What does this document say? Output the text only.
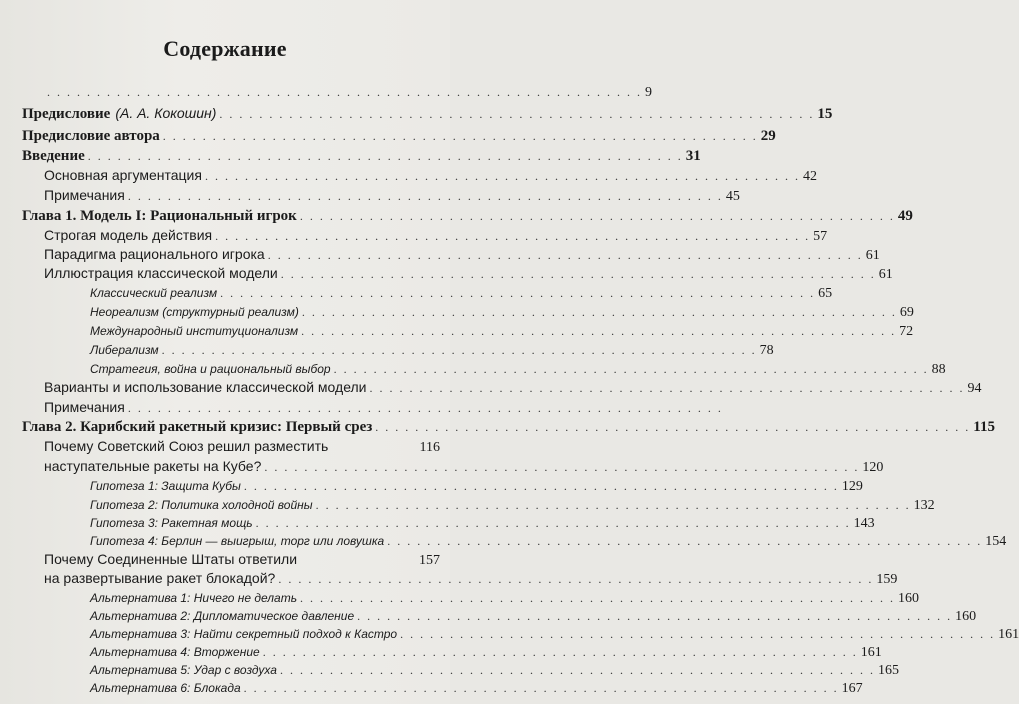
Содержание
. . . . . . . . . . . . . . . . . . . . . . . . . . . . . . . . . . . . . . . . . . . . . . . . . . . . . . . . . . . . 9
Предисловие (А. А. Кокошин) . . . . . . . . . . . . . . . . . . . . . . . . . . . . . . . . . . . . . . . . . . . . . . . . . . . . . . . . . . . . 15
Предисловие автора . . . . . . . . . . . . . . . . . . . . . . . . . . . . . . . . . . . . . . . . . . . . . . . . . . . . . . . . . . . . 29
Введение . . . . . . . . . . . . . . . . . . . . . . . . . . . . . . . . . . . . . . . . . . . . . . . . . . . . . . . . . . . . 31
Основная аргументация . . . . . . . . . . . . . . . . . . . . . . . . . . . . . . . . . . . . . . . . . . . . . . . . . . . . . . . . . . . . 42
Примечания . . . . . . . . . . . . . . . . . . . . . . . . . . . . . . . . . . . . . . . . . . . . . . . . . . . . . . . . . . . . 45
Глава 1. Модель I: Рациональный игрок . . . . . . . . . . . . . . . . . . . . . . . . . . . . . . . . . . . . . . . . . . . . . . . . . . . . . . . . . . . . 49
Строгая модель действия . . . . . . . . . . . . . . . . . . . . . . . . . . . . . . . . . . . . . . . . . . . . . . . . . . . . . . . . . . . . 57
Парадигма рационального игрока . . . . . . . . . . . . . . . . . . . . . . . . . . . . . . . . . . . . . . . . . . . . . . . . . . . . . . . . . . . . 61
Иллюстрация классической модели . . . . . . . . . . . . . . . . . . . . . . . . . . . . . . . . . . . . . . . . . . . . . . . . . . . . . . . . . . . . 61
Классический реализм . . . . . . . . . . . . . . . . . . . . . . . . . . . . . . . . . . . . . . . . . . . . . . . . . . . . . . . . . . . . 65
Неореализм (структурный реализм) . . . . . . . . . . . . . . . . . . . . . . . . . . . . . . . . . . . . . . . . . . . . . . . . . . . . . . . . . . . . 69
Международный институционализм . . . . . . . . . . . . . . . . . . . . . . . . . . . . . . . . . . . . . . . . . . . . . . . . . . . . . . . . . . . . 72
Либерализм . . . . . . . . . . . . . . . . . . . . . . . . . . . . . . . . . . . . . . . . . . . . . . . . . . . . . . . . . . . . 78
Стратегия, война и рациональный выбор . . . . . . . . . . . . . . . . . . . . . . . . . . . . . . . . . . . . . . . . . . . . . . . . . . . . . . . . . . . . 88
Варианты и использование классической модели . . . . . . . . . . . . . . . . . . . . . . . . . . . . . . . . . . . . . . . . . . . . . . . . . . . . . . . . . . . . 94
Примечания . . . . . . . . . . . . . . . . . . . . . . . . . . . . . . . . . . . . . . . . . . . . . . . . . . . . . . . . . . . .
Глава 2. Карибский ракетный кризис: Первый срез . . . . . . . . . . . . . . . . . . . . . . . . . . . . . . . . . . . . . . . . . . . . . . . . . . . . . . . . . . . . 115
Почему Советский Союз решил разместить	116
наступательные ракеты на Кубе? . . . . . . . . . . . . . . . . . . . . . . . . . . . . . . . . . . . . . . . . . . . . . . . . . . . . . . . . . . . . 120
Гипотеза 1: Защита Кубы . . . . . . . . . . . . . . . . . . . . . . . . . . . . . . . . . . . . . . . . . . . . . . . . . . . . . . . . . . . . 129
Гипотеза 2: Политика холодной войны . . . . . . . . . . . . . . . . . . . . . . . . . . . . . . . . . . . . . . . . . . . . . . . . . . . . . . . . . . . . 132
Гипотеза 3: Ракетная мощь . . . . . . . . . . . . . . . . . . . . . . . . . . . . . . . . . . . . . . . . . . . . . . . . . . . . . . . . . . . . 143
Гипотеза 4: Берлин — выигрыш, торг или ловушка . . . . . . . . . . . . . . . . . . . . . . . . . . . . . . . . . . . . . . . . . . . . . . . . . . . . . . . . . . . . 154
Почему Соединенные Штаты ответили	157
на развертывание ракет блокадой? . . . . . . . . . . . . . . . . . . . . . . . . . . . . . . . . . . . . . . . . . . . . . . . . . . . . . . . . . . . . 159
Альтернатива 1: Ничего не делать . . . . . . . . . . . . . . . . . . . . . . . . . . . . . . . . . . . . . . . . . . . . . . . . . . . . . . . . . . . . 160
Альтернатива 2: Дипломатическое давление . . . . . . . . . . . . . . . . . . . . . . . . . . . . . . . . . . . . . . . . . . . . . . . . . . . . . . . . . . . . 160
Альтернатива 3: Найти секретный подход к Кастро . . . . . . . . . . . . . . . . . . . . . . . . . . . . . . . . . . . . . . . . . . . . . . . . . . . . . . . . . . . . 161
Альтернатива 4: Вторжение . . . . . . . . . . . . . . . . . . . . . . . . . . . . . . . . . . . . . . . . . . . . . . . . . . . . . . . . . . . . 161
Альтернатива 5: Удар с воздуха . . . . . . . . . . . . . . . . . . . . . . . . . . . . . . . . . . . . . . . . . . . . . . . . . . . . . . . . . . . . 165
Альтернатива 6: Блокада . . . . . . . . . . . . . . . . . . . . . . . . . . . . . . . . . . . . . . . . . . . . . . . . . . . . . . . . . . . . 167
